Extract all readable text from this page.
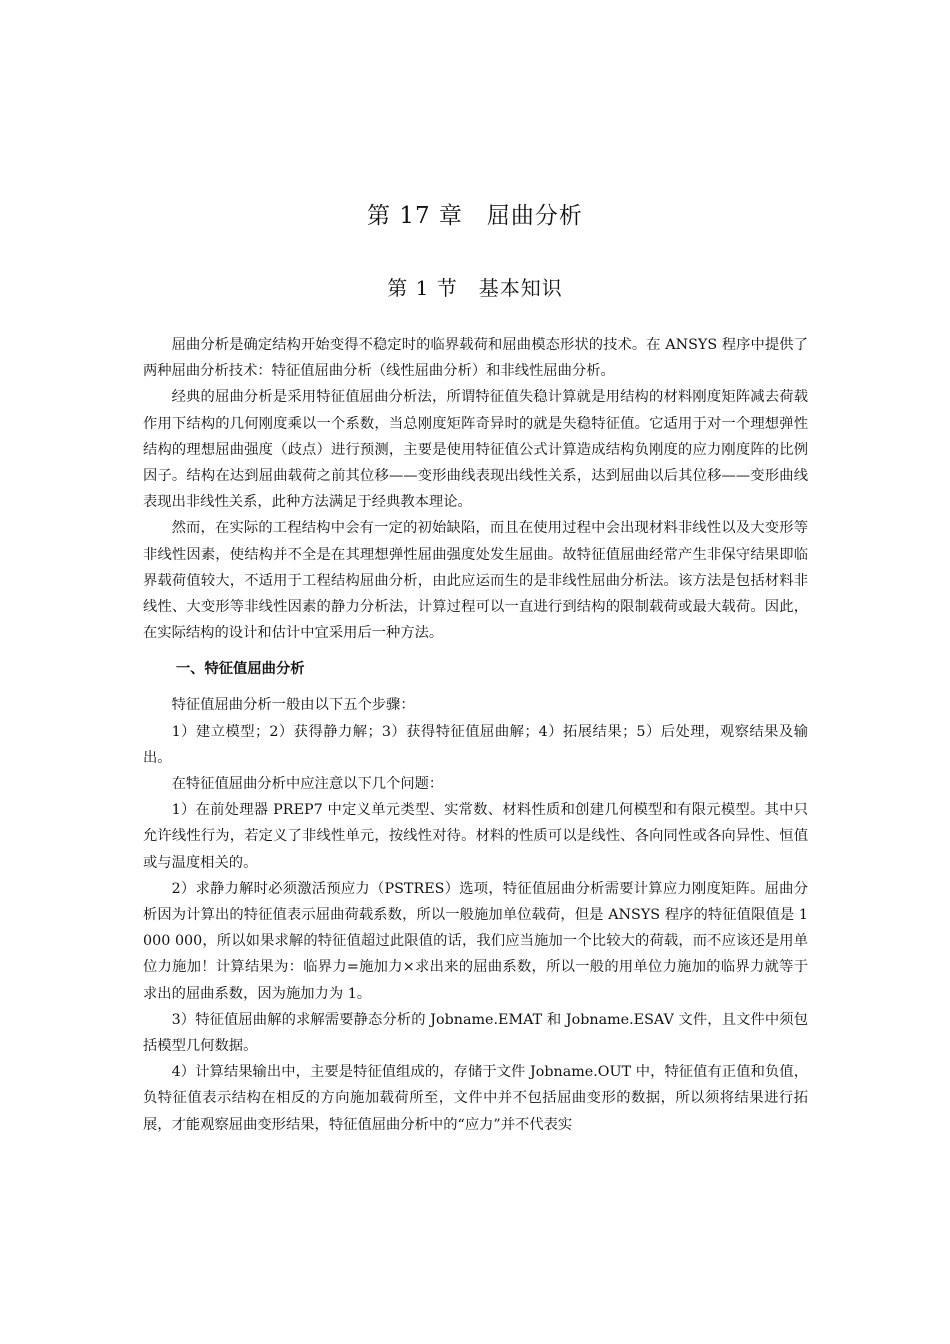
第 17 章　屈曲分析
第 1 节　基本知识

屈曲分析是确定结构开始变得不稳定时的临界载荷和屈曲模态形状的技术。在 ANSYS 程序中提供了两种屈曲分析技术：特征值屈曲分析（线性屈曲分析）和非线性屈曲分析。

经典的屈曲分析是采用特征值屈曲分析法，所谓特征值失稳计算就是用结构的材料刚度矩阵减去荷载作用下结构的几何刚度乘以一个系数，当总刚度矩阵奇异时的就是失稳特征值。它适用于对一个理想弹性结构的理想屈曲强度（歧点）进行预测，主要是使用特征值公式计算造成结构负刚度的应力刚度阵的比例因子。结构在达到屈曲载荷之前其位移——变形曲线表现出线性关系，达到屈曲以后其位移——变形曲线表现出非线性关系，此种方法满足于经典教本理论。

然而，在实际的工程结构中会有一定的初始缺陷，而且在使用过程中会出现材料非线性以及大变形等非线性因素，使结构并不全是在其理想弹性屈曲强度处发生屈曲。故特征值屈曲经常产生非保守结果即临界载荷值较大，不适用于工程结构屈曲分析，由此应运而生的是非线性屈曲分析法。该方法是包括材料非线性、大变形等非线性因素的静力分析法，计算过程可以一直进行到结构的限制载荷或最大载荷。因此，在实际结构的设计和估计中宜采用后一种方法。

一、特征值屈曲分析

特征值屈曲分析一般由以下五个步骤：

1）建立模型；2）获得静力解；3）获得特征值屈曲解；4）拓展结果；5）后处理，观察结果及输出。

在特征值屈曲分析中应注意以下几个问题：

1）在前处理器 PREP7 中定义单元类型、实常数、材料性质和创建几何模型和有限元模型。其中只允许线性行为，若定义了非线性单元，按线性对待。材料的性质可以是线性、各向同性或各向异性、恒值或与温度相关的。

2）求静力解时必须激活预应力（PSTRES）选项，特征值屈曲分析需要计算应力刚度矩阵。屈曲分析因为计算出的特征值表示屈曲荷载系数，所以一般施加单位载荷，但是 ANSYS 程序的特征值限值是 1 000 000，所以如果求解的特征值超过此限值的话，我们应当施加一个比较大的荷载，而不应该还是用单位力施加！计算结果为：临界力=施加力×求出来的屈曲系数，所以一般的用单位力施加的临界力就等于求出的屈曲系数，因为施加力为 1。

3）特征值屈曲解的求解需要静态分析的 Jobname.EMAT 和 Jobname.ESAV 文件，且文件中须包括模型几何数据。

4）计算结果输出中，主要是特征值组成的，存储于文件 Jobname.OUT 中，特征值有正值和负值，负特征值表示结构在相反的方向施加载荷所至，文件中并不包括屈曲变形的数据，所以须将结果进行拓展，才能观察屈曲变形结果，特征值屈曲分析中的“应力”并不代表实
